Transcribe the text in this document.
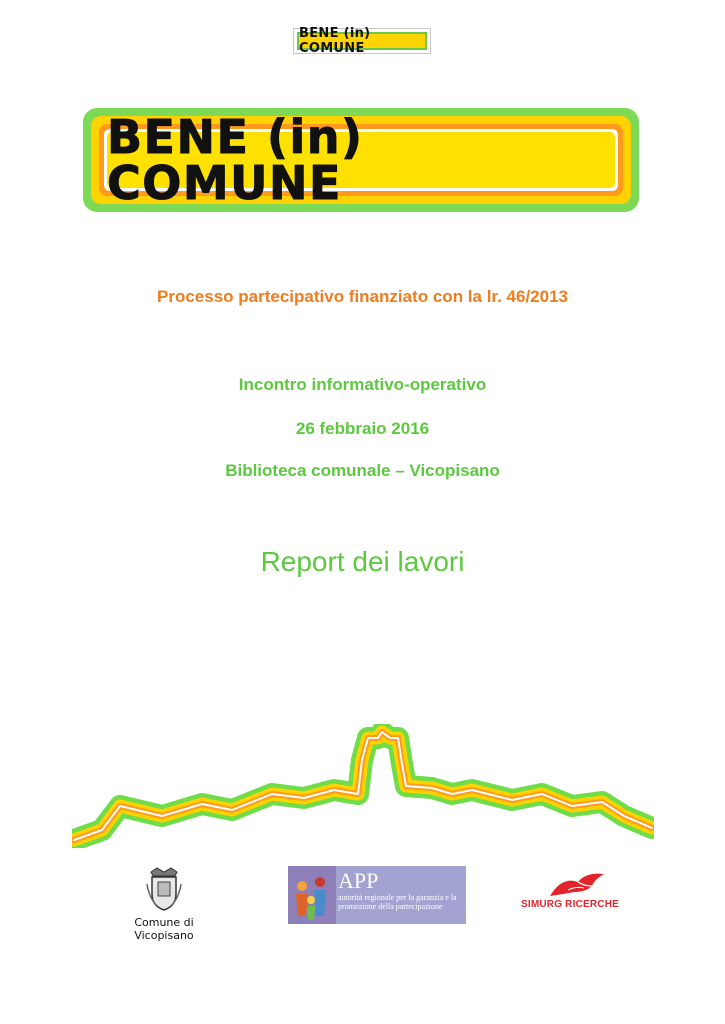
BENE (in) COMUNE
BENE (in) COMUNE
Processo partecipativo finanziato con la lr. 46/2013
Incontro informativo-operativo
26 febbraio 2016
Biblioteca comunale – Vicopisano
Report dei lavori
Comune di Vicopisano
APP
autorità regionale per la garanzia e la promozione della partecipazione	SIMURG RICERCHE
